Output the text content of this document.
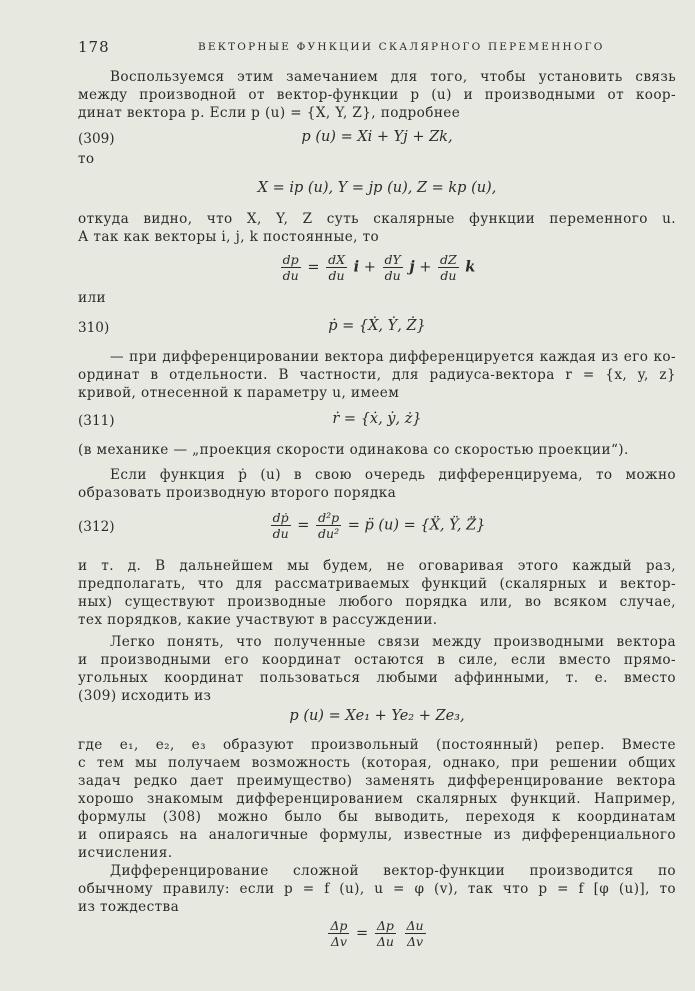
178	ВЕКТОРНЫЕ ФУНКЦИИ СКАЛЯРНОГО ПЕРЕМЕННОГО
Воспользуемся этим замечанием для того, чтобы установить связь
между производной от вектор-функции p (u) и производными от коор-
динат вектора p. Если p (u) = {X, Y, Z}, подробнее
(309)	p (u) = Xi + Yj + Zk,
то
X = ip (u), Y = jp (u), Z = kp (u),
откуда видно, что X, Y, Z суть скалярные функции переменного u.
А так как векторы i, j, k постоянные, то
$\frac{dp}{du} = \frac{dX}{du}$ $i + \frac{dY}{du}$ $j + \frac{dZ}{du}$ k
или
310)	ṗ = {Ẋ, Ẏ, Ż}
— при дифференцировании вектора дифференцируется каждая из его ко-
ординат в отдельности. В частности, для радиуса-вектора r = {x, y, z}
кривой, отнесенной к параметру u, имеем
(311)	ṙ = {ẋ, ẏ, ż}
(в механике — „проекция скорости одинакова со скоростью проекции“).
Если функция ṗ (u) в свою очередь дифференцируема, то можно
образовать производную второго порядка
(312)	$\frac{\text{dṗ}}{du} = \frac{\text{d²p}}{\text{du²}}$ = p̈ (u) = {Ẍ, Ÿ, Z̈}
и т. д. В дальнейшем мы будем, не оговаривая этого каждый раз,
предполагать, что для рассматриваемых функций (скалярных и вектор-
ных) существуют производные любого порядка или, во всяком случае,
тех порядков, какие участвуют в рассуждении.
Легко понять, что полученные связи между производными вектора
и производными его координат остаются в силе, если вместо прямо-
угольных координат пользоваться любыми аффинными, т. е. вместо
(309) исходить из
p (u) = Xe₁ + Ye₂ + Ze₃,
где e₁, e₂, e₃ образуют произвольный (постоянный) репер. Вместе
с тем мы получаем возможность (которая, однако, при решении общих
задач редко дает преимущество) заменять дифференцирование вектора
хорошо знакомым дифференцированием скалярных функций. Например,
формулы (308) можно было бы выводить, переходя к координатам
и опираясь на аналогичные формулы, известные из дифференциального
исчисления.
Дифференцирование сложной вектор-функции производится по
обычному правилу: если p = f (u), u = φ (v), так что p = f [φ (u)], то
из тождества
$\frac{\Delta p}{\Delta v} = \frac{\Delta p}{\Delta u}$
$\frac{\Delta u}{\Delta v}$
